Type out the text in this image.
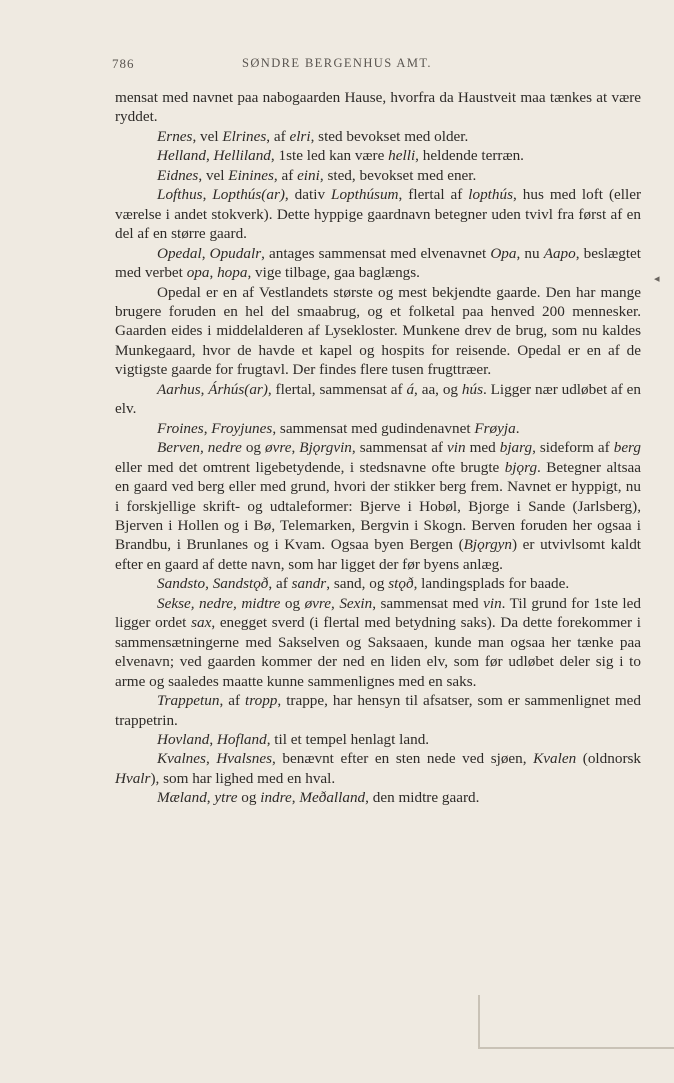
786	SØNDRE BERGENHUS AMT.

mensat med navnet paa nabogaarden Hause, hvorfra da Haustveit maa tænkes at være ryddet.

Ernes, vel Elrines, af elri, sted bevokset med older.

Helland, Helliland, 1ste led kan være helli, heldende terræn.

Eidnes, vel Einines, af eini, sted, bevokset med ener.

Lofthus, Lopthús(ar), dativ Lopthúsum, flertal af lopthús, hus med loft (eller værelse i andet stokverk). Dette hyppige gaardnavn betegner uden tvivl fra først af en del af en større gaard.

Opedal, Opudalr, antages sammensat med elvenavnet Opa, nu Aapo, beslægtet med verbet opa, hopa, vige tilbage, gaa baglængs.

Opedal er en af Vestlandets største og mest bekjendte gaarde. Den har mange brugere foruden en hel del smaabrug, og et folketal paa henved 200 mennesker. Gaarden eides i middelalderen af Lysekloster. Munkene drev de brug, som nu kaldes Munkegaard, hvor de havde et kapel og hospits for reisende. Opedal er en af de vigtigste gaarde for frugtavl. Der findes flere tusen frugttræer.

Aarhus, Árhús(ar), flertal, sammensat af á, aa, og hús. Ligger nær udløbet af en elv.

Froines, Froyjunes, sammensat med gudindenavnet Frøyja.

Berven, nedre og øvre, Bjǫrgvin, sammensat af vin med bjarg, sideform af berg eller med det omtrent ligebetydende, i stedsnavne ofte brugte bjǫrg. Betegner altsaa en gaard ved berg eller med grund, hvori der stikker berg frem. Navnet er hyppigt, nu i forskjellige skrift- og udtaleformer: Bjerve i Hobøl, Bjorge i Sande (Jarlsberg), Bjerven i Hollen og i Bø, Telemarken, Bergvin i Skogn. Berven foruden her ogsaa i Brandbu, i Brunlanes og i Kvam. Ogsaa byen Bergen (Bjǫrgyn) er utvivlsomt kaldt efter en gaard af dette navn, som har ligget der før byens anlæg.

Sandsto, Sandstǫð, af sandr, sand, og stǫð, landingsplads for baade.

Sekse, nedre, midtre og øvre, Sexin, sammensat med vin. Til grund for 1ste led ligger ordet sax, enegget sverd (i flertal med betydning saks). Da dette forekommer i sammensætningerne med Sakselven og Saksaaen, kunde man ogsaa her tænke paa elvenavn; ved gaarden kommer der ned en liden elv, som før udløbet deler sig i to arme og saaledes maatte kunne sammenlignes med en saks.

Trappetun, af tropp, trappe, har hensyn til afsatser, som er sammenlignet med trappetrin.

Hovland, Hofland, til et tempel henlagt land.

Kvalnes, Hvalsnes, benævnt efter en sten nede ved sjøen, Kvalen (oldnorsk Hvalr), som har lighed med en hval.

Mæland, ytre og indre, Meðalland, den midtre gaard.

◂
